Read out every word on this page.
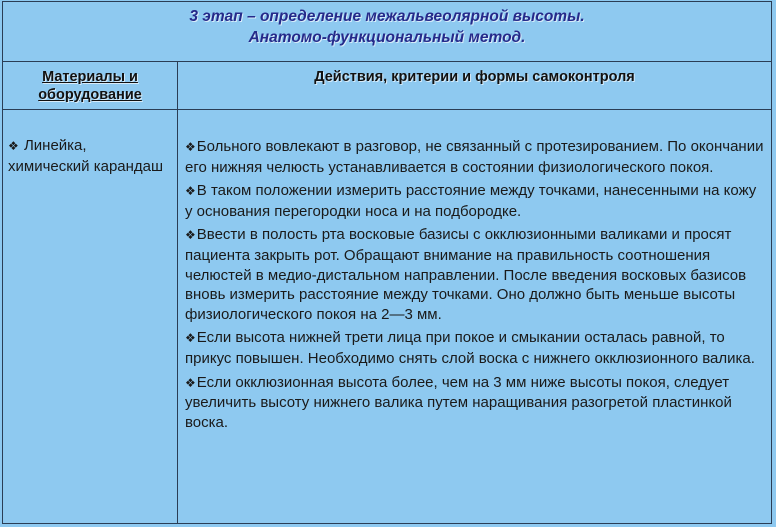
3 этап – определение межальвеолярной высоты.
Анатомо-функциональный метод.
Материалы и оборудование
Действия, критерии и формы самоконтроля
❖ Линейка, химический карандаш
❖Больного вовлекают в разговор, не связанный с протезированием. По окончании его нижняя челюсть устанавливается в состоянии физиологического покоя.
❖В таком положении измерить расстояние между точками, нанесенными на кожу у основания перегородки носа и на подбородке.
❖Ввести в полость рта восковые базисы с окклюзионными валиками и просят пациента закрыть рот. Обращают внимание на правильность соотношения челюстей в медио-дистальном направлении. После введения восковых базисов вновь измерить расстояние между точками. Оно должно быть меньше высоты физиологического покоя на 2—3 мм.
❖Если высота нижней трети лица при покое и смыкании осталась равной, то прикус повышен. Необходимо снять слой воска с нижнего окклюзионного валика.
❖Если окклюзионная высота более, чем на 3 мм ниже высоты покоя, следует увеличить высоту нижнего валика путем наращивания разогретой пластинкой воска.
